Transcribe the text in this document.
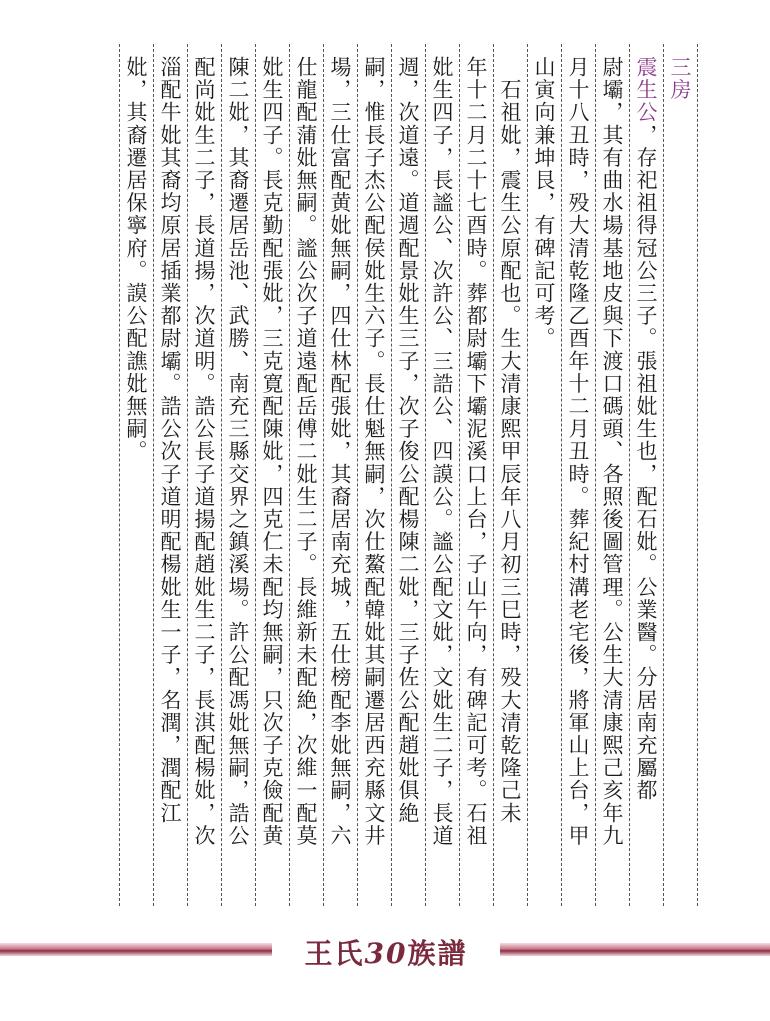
三房
震生公，存祀祖得冠公三子。張祖妣生也，配石妣。公業醫。分居南充屬都
尉壩，其有曲水場基地皮與下渡口碼頭、各照後圖管理。公生大清康熙己亥年九
月十八丑時，殁大清乾隆乙酉年十二月丑時。葬紀村溝老宅後，將軍山上台，甲
山寅向兼坤艮，有碑記可考。
　石祖妣，震生公原配也。生大清康熙甲辰年八月初三巳時，殁大清乾隆己未
年十二月二十七酉時。葬都尉壩下壩泥溪口上台，子山午向，有碑記可考。石祖
妣生四子，長謐公、次許公、三誥公、四謨公。謐公配文妣，文妣生二子，長道
週，次道遠。道週配景妣生三子，次子俊公配楊陳二妣，三子佐公配趙妣俱絶
嗣，惟長子杰公配侯妣生六子。長仕魁無嗣，次仕鰲配韓妣其嗣遷居西充縣文井
場，三仕富配黄妣無嗣，四仕林配張妣，其裔居南充城，五仕榜配李妣無嗣，六
仕龍配蒲妣無嗣。謐公次子道遠配岳傅二妣生二子。長維新未配絶，次維一配莫
妣生四子。長克勤配張妣，三克寛配陳妣，四克仁未配均無嗣，只次子克儉配黄
陳二妣，其裔遷居岳池、武勝、南充三縣交界之鎮溪場。許公配馮妣無嗣，誥公
配尚妣生二子，長道揚，次道明。誥公長子道揚配趙妣生二子，長淇配楊妣，次
淄配牛妣其裔均原居插業都尉壩。誥公次子道明配楊妣生一子，名潤，潤配江
妣，其裔遷居保寧府。謨公配譙妣無嗣。
王氏30族譜
